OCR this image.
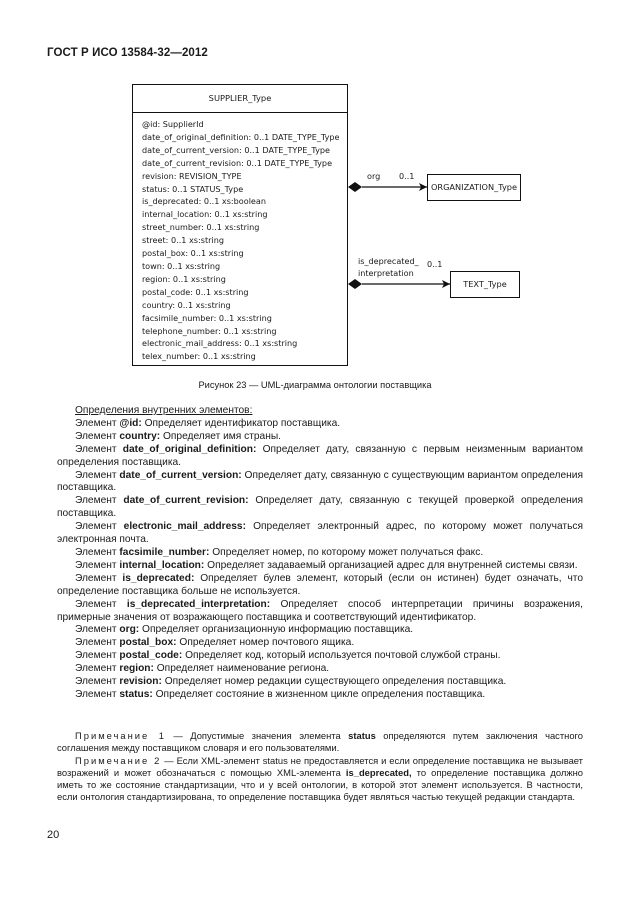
ГОСТ Р ИСО 13584-32—2012
SUPPLIER_Type
@id: SupplierId
date_of_original_definition: 0..1 DATE_TYPE_Type
date_of_current_version: 0..1 DATE_TYPE_Type
date_of_current_revision: 0..1 DATE_TYPE_Type
revision: REVISION_TYPE
status: 0..1 STATUS_Type
is_deprecated: 0..1 xs:boolean
internal_location: 0..1 xs:string
street_number: 0..1 xs:string
street: 0..1 xs:string
postal_box: 0..1 xs:string
town: 0..1 xs:string
region: 0..1 xs:string
postal_code: 0..1 xs:string
country: 0..1 xs:string
facsimile_number: 0..1 xs:string
telephone_number: 0..1 xs:string
electronic_mail_address: 0..1 xs:string
telex_number: 0..1 xs:string
org 0..1
ORGANIZATION_Type
is_deprecated_
interpretation
0..1
TEXT_Type
Рисунок 23 — UML-диаграмма онтологии поставщика

Определения внутренних элементов:

Элемент @id: Определяет идентификатор поставщика.

Элемент country: Определяет имя страны.

Элемент date_of_original_definition: Определяет дату, связанную с первым неизменным вариантом определения поставщика.

Элемент date_of_current_version: Определяет дату, связанную с существующим вариантом определения поставщика.

Элемент date_of_current_revision: Определяет дату, связанную с текущей проверкой определения поставщика.

Элемент electronic_mail_address: Определяет электронный адрес, по которому может получаться электронная почта.

Элемент facsimile_number: Определяет номер, по которому может получаться факс.

Элемент internal_location: Определяет задаваемый организацией адрес для внутренней системы связи.

Элемент is_deprecated: Определяет булев элемент, который (если он истинен) будет означать, что определение поставщика больше не используется.

Элемент is_deprecated_interpretation: Определяет способ интерпретации причины возражения, примерные значения от возражающего поставщика и соответствующий идентификатор.

Элемент org: Определяет организационную информацию поставщика.

Элемент postal_box: Определяет номер почтового ящика.

Элемент postal_code: Определяет код, который используется почтовой службой страны.

Элемент region: Определяет наименование региона.

Элемент revision: Определяет номер редакции существующего определения поставщика.

Элемент status: Определяет состояние в жизненном цикле определения поставщика.

Примечание 1 — Допустимые значения элемента status определяются путем заключения частного соглашения между поставщиком словаря и его пользователями.

Примечание 2 — Если XML-элемент status не предоставляется и если определение поставщика не вызывает возражений и может обозначаться с помощью XML-элемента is_deprecated, то определение поставщика должно иметь то же состояние стандартизации, что и у всей онтологии, в которой этот элемент используется. В частности, если онтология стандартизирована, то определение поставщика будет являться частью текущей редакции стандарта.

20
